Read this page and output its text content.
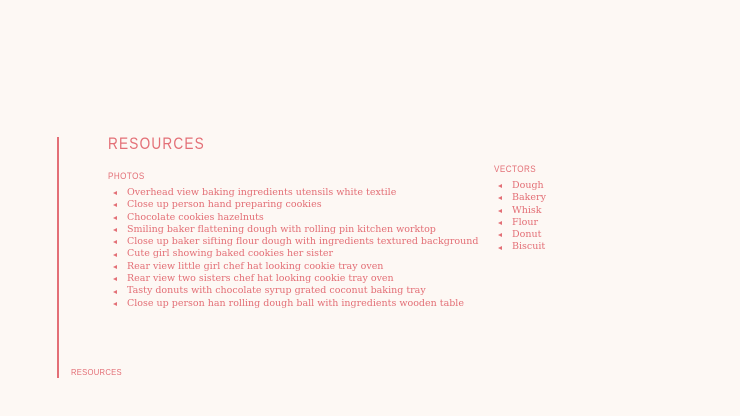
RESOURCES
PHOTOS
Overhead view baking ingredients utensils white textile
Close up person hand preparing cookies
Chocolate cookies hazelnuts
Smiling baker flattening dough with rolling pin kitchen worktop
Close up baker sifting flour dough with ingredients textured background
Cute girl showing baked cookies her sister
Rear view little girl chef hat looking cookie tray oven
Rear view two sisters chef hat looking cookie tray oven
Tasty donuts with chocolate syrup grated coconut baking tray
Close up person han rolling dough ball with ingredients wooden table
VECTORS
Dough
Bakery
Whisk
Flour
Donut
Biscuit
RESOURCES
